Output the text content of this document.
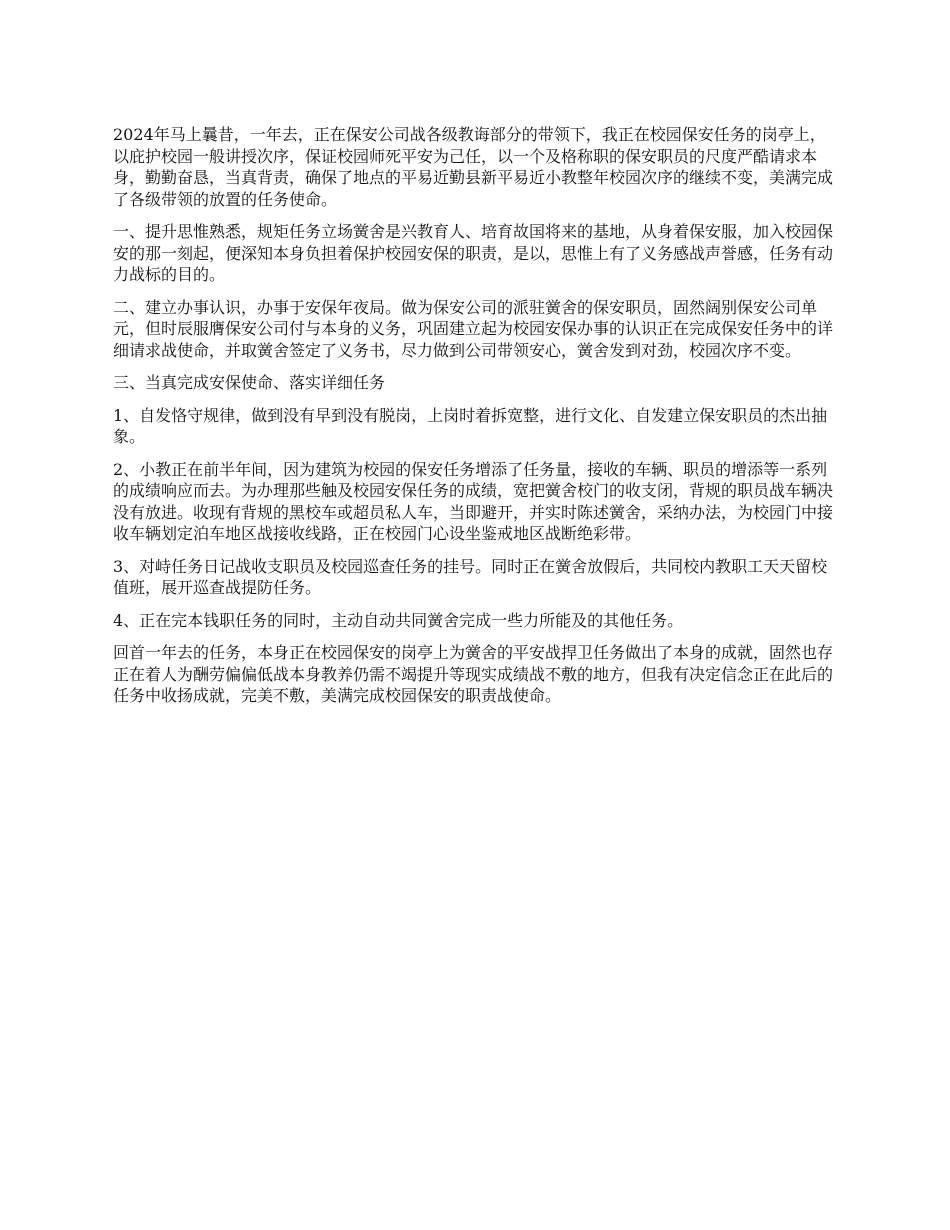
2024年马上曩昔，一年去，正在保安公司战各级教诲部分的带领下，我正在校园保安任务的岗亭上，以庇护校园一般讲授次序，保证校园师死平安为己任，以一个及格称职的保安职员的尺度严酷请求本身，勤勤奋恳，当真背责，确保了地点的平易近勤县新平易近小教整年校园次序的继续不变，美满完成了各级带领的放置的任务使命。

一、提升思惟熟悉，规矩任务立场黉舍是兴教育人、培育故国将来的基地，从身着保安服，加入校园保安的那一刻起，便深知本身负担着保护校园安保的职责，是以，思惟上有了义务感战声誉感，任务有动力战标的目的。

二、建立办事认识，办事于安保年夜局。做为保安公司的派驻黉舍的保安职员，固然阔别保安公司单元，但时辰服膺保安公司付与本身的义务，巩固建立起为校园安保办事的认识正在完成保安任务中的详细请求战使命，并取黉舍签定了义务书，尽力做到公司带领安心，黉舍发到对劲，校园次序不变。

三、当真完成安保使命、落实详细任务

1、自发恪守规律，做到没有早到没有脱岗，上岗时着拆宽整，进行文化、自发建立保安职员的杰出抽象。

2、小教正在前半年间，因为建筑为校园的保安任务增添了任务量，接收的车辆、职员的增添等一系列的成绩响应而去。为办理那些触及校园安保任务的成绩，宽把黉舍校门的收支闭，背规的职员战车辆决没有放进。收现有背规的黑校车或超员私人车，当即避开，并实时陈述黉舍，采纳办法，为校园门中接收车辆划定泊车地区战接收线路，正在校园门心设坐鉴戒地区战断绝彩带。

3、对峙任务日记战收支职员及校园巡查任务的挂号。同时正在黉舍放假后，共同校内教职工天天留校值班，展开巡查战提防任务。

4、正在完本钱职任务的同时，主动自动共同黉舍完成一些力所能及的其他任务。

回首一年去的任务，本身正在校园保安的岗亭上为黉舍的平安战捍卫任务做出了本身的成就，固然也存正在着人为酬劳偏偏低战本身教养仍需不竭提升等现实成绩战不敷的地方，但我有决定信念正在此后的任务中收扬成就，完美不敷，美满完成校园保安的职责战使命。
